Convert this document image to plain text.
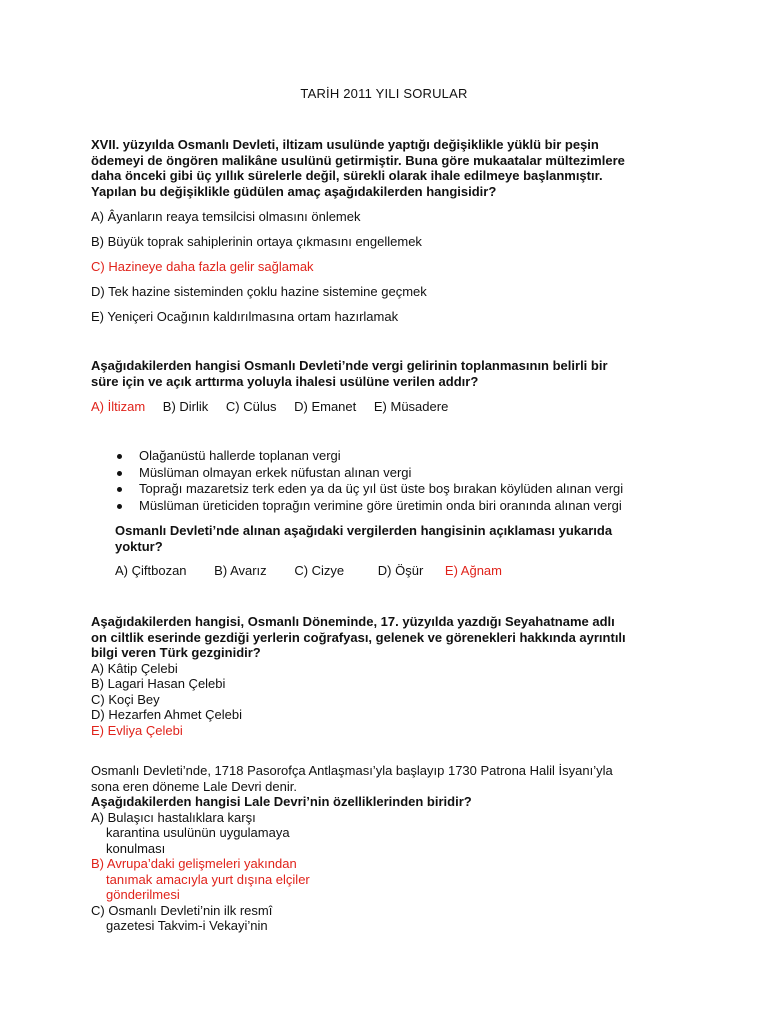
TARİH 2011 YILI SORULAR

XVII. yüzyılda Osmanlı Devleti, iltizam usulünde yaptığı değişiklikle yüklü bir peşin
ödemeyi de öngören malikâne usulünü getirmiştir. Buna göre mukaatalar mültezimlere
daha önceki gibi üç yıllık sürelerle değil, sürekli olarak ihale edilmeye başlanmıştır.
Yapılan bu değişiklikle güdülen amaç aşağıdakilerden hangisidir?

A) Âyanların reaya temsilcisi olmasını önlemek

B) Büyük toprak sahiplerinin ortaya çıkmasını engellemek

C) Hazineye daha fazla gelir sağlamak

D) Tek hazine sisteminden çoklu hazine sistemine geçmek

E) Yeniçeri Ocağının kaldırılmasına ortam hazırlamak

Aşağıdakilerden hangisi Osmanlı Devleti’nde vergi gelirinin toplanmasının belirli bir
süre için ve açık arttırma yoluyla ihalesi usülüne verilen addır?

A) İltizam B) Dirlik C) Cülus D) Emanet E) Müsadere

Olağanüstü hallerde toplanan vergi
Müslüman olmayan erkek nüfustan alınan vergi
Toprağı mazaretsiz terk eden ya da üç yıl üst üste boş bırakan köylüden alınan vergi
Müslüman üreticiden toprağın verimine göre üretimin onda biri oranında alınan vergi

Osmanlı Devleti’nde alınan aşağıdaki vergilerden hangisinin açıklaması yukarıda
yoktur?

A) Çiftbozan B) Avarız C) Cizye	D) Öşür E) Ağnam

Aşağıdakilerden hangisi, Osmanlı Döneminde, 17. yüzyılda yazdığı Seyahatname adlı
on ciltlik eserinde gezdiği yerlerin coğrafyası, gelenek ve görenekleri hakkında ayrıntılı
bilgi veren Türk gezginidir?

A) Kâtip Çelebi

B) Lagari Hasan Çelebi

C) Koçi Bey

D) Hezarfen Ahmet Çelebi

E) Evliya Çelebi

Osmanlı Devleti’nde, 1718 Pasorofça Antlaşması’yla başlayıp 1730 Patrona Halil İsyanı’yla
sona eren döneme Lale Devri denir.

Aşağıdakilerden hangisi Lale Devri’nin özelliklerinden biridir?

A) Bulaşıcı hastalıklara karşı
karantina usulünün uygulamaya
konulması

B) Avrupa’daki gelişmeleri yakından
tanımak amacıyla yurt dışına elçiler
gönderilmesi

C) Osmanlı Devleti’nin ilk resmî
gazetesi Takvim-i Vekayi’nin
